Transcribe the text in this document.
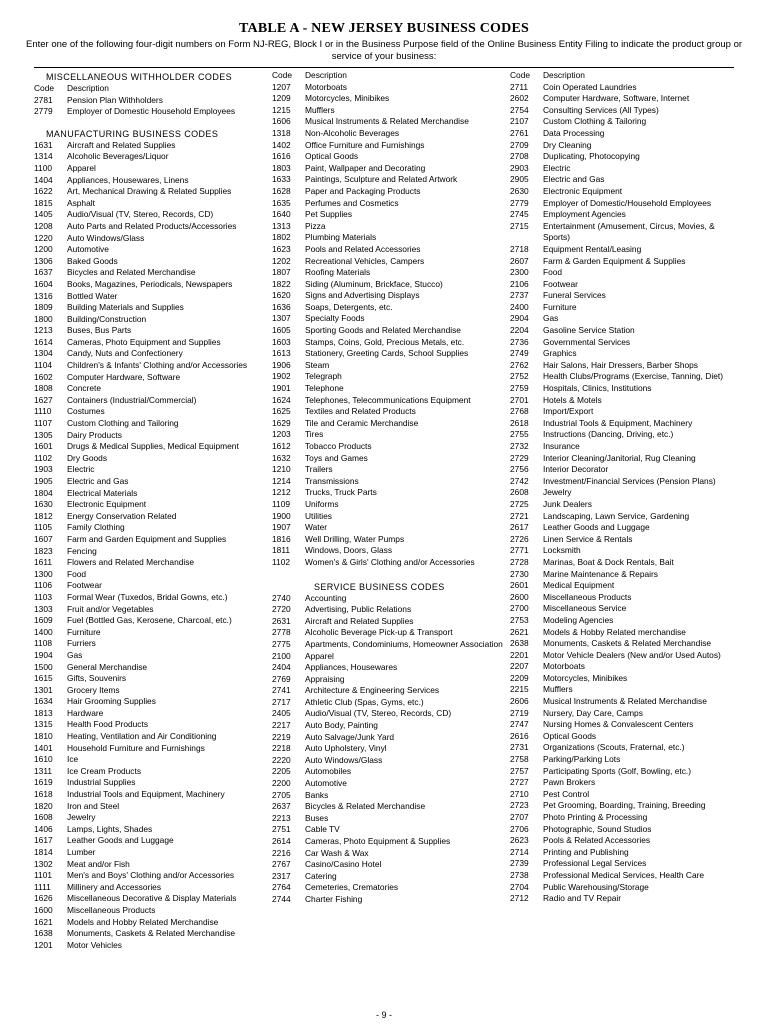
TABLE A - NEW JERSEY BUSINESS CODES
Enter one of the following four-digit numbers on Form NJ-REG, Block I or in the Business Purpose field of the Online Business Entity Filing to indicate the product group or service of your business:
MISCELLANEOUS WITHHOLDER CODES
Code	Description
2781	Pension Plan Withholders
2779	Employer of Domestic Household Employees
MANUFACTURING BUSINESS CODES
1631	Aircraft and Related Supplies
1314	Alcoholic Beverages/Liquor
1100	Apparel
1404	Appliances, Housewares, Linens
1622	Art, Mechanical Drawing & Related Supplies
1815	Asphalt
1405	Audio/Visual (TV, Stereo, Records, CD)
1208	Auto Parts and Related Products/Accessories
1220	Auto Windows/Glass
1200	Automotive
1306	Baked Goods
1637	Bicycles and Related Merchandise
1604	Books, Magazines, Periodicals, Newspapers
1316	Bottled Water
1809	Building Materials and Supplies
1800	Building/Construction
1213	Buses, Bus Parts
1614	Cameras, Photo Equipment and Supplies
1304	Candy, Nuts and Confectionery
1104	Children's & Infants' Clothing and/or Accessories
1602	Computer Hardware, Software
1808	Concrete
1627	Containers (Industrial/Commercial)
1110	Costumes
1107	Custom Clothing and Tailoring
1305	Dairy Products
1601	Drugs & Medical Supplies, Medical Equipment
1102	Dry Goods
1903	Electric
1905	Electric and Gas
1804	Electrical Materials
1630	Electronic Equipment
1812	Energy Conservation Related
1105	Family Clothing
1607	Farm and Garden Equipment and Supplies
1823	Fencing
1611	Flowers and Related Merchandise
1300	Food
1106	Footwear
1103	Formal Wear (Tuxedos, Bridal Gowns, etc.)
1303	Fruit and/or Vegetables
1609	Fuel (Bottled Gas, Kerosene, Charcoal, etc.)
1400	Furniture
1108	Furriers
1904	Gas
1500	General Merchandise
1615	Gifts, Souvenirs
1301	Grocery Items
1634	Hair Grooming Supplies
1813	Hardware
1315	Health Food Products
1810	Heating, Ventilation and Air Conditioning
1401	Household Furniture and Furnishings
1610	Ice
1311	Ice Cream Products
1619	Industrial Supplies
1618	Industrial Tools and Equipment, Machinery
1820	Iron and Steel
1608	Jewelry
1406	Lamps, Lights, Shades
1617	Leather Goods and Luggage
1814	Lumber
1302	Meat and/or Fish
1101	Men's and Boys' Clothing and/or Accessories
1111	Millinery and Accessories
1626	Miscellaneous Decorative & Display Materials
1600	Miscellaneous Products
1621	Models and Hobby Related Merchandise
1638	Monuments, Caskets & Related Merchandise
1201	Motor Vehicles
Code	Description
1207	Motorboats
1209	Motorcycles, Minibikes
1215	Mufflers
1606	Musical Instruments & Related Merchandise
1318	Non-Alcoholic Beverages
1402	Office Furniture and Furnishings
1616	Optical Goods
1803	Paint, Wallpaper and Decorating
1633	Paintings, Sculpture and Related Artwork
1628	Paper and Packaging Products
1635	Perfumes and Cosmetics
1640	Pet Supplies
1313	Pizza
1802	Plumbing Materials
1623	Pools and Related Accessories
1202	Recreational Vehicles, Campers
1807	Roofing Materials
1822	Siding (Aluminum, Brickface, Stucco)
1620	Signs and Advertising Displays
1636	Soaps, Detergents, etc.
1307	Specialty Foods
1605	Sporting Goods and Related Merchandise
1603	Stamps, Coins, Gold, Precious Metals, etc.
1613	Stationery, Greeting Cards, School Supplies
1906	Steam
1902	Telegraph
1901	Telephone
1624	Telephones, Telecommunications Equipment
1625	Textiles and Related Products
1629	Tile and Ceramic Merchandise
1203	Tires
1612	Tobacco Products
1632	Toys and Games
1210	Trailers
1214	Transmissions
1212	Trucks, Truck Parts
1109	Uniforms
1900	Utilities
1907	Water
1816	Well Drilling, Water Pumps
1811	Windows, Doors, Glass
1102	Women's & Girls' Clothing and/or Accessories
SERVICE BUSINESS CODES
2740	Accounting
2720	Advertising, Public Relations
2631	Aircraft and Related Supplies
2778	Alcoholic Beverage Pick-up & Transport
2775	Apartments, Condominiums, Homeowner Association
2100	Apparel
2404	Appliances, Housewares
2769	Appraising
2741	Architecture & Engineering Services
2717	Athletic Club (Spas, Gyms, etc.)
2405	Audio/Visual (TV, Stereo, Records, CD)
2217	Auto Body, Painting
2219	Auto Salvage/Junk Yard
2218	Auto Upholstery, Vinyl
2220	Auto Windows/Glass
2205	Automobiles
2200	Automotive
2705	Banks
2637	Bicycles & Related Merchandise
2213	Buses
2751	Cable TV
2614	Cameras, Photo Equipment & Supplies
2216	Car Wash & Wax
2767	Casino/Casino Hotel
2317	Catering
2764	Cemeteries, Crematories
2744	Charter Fishing
Code	Description
2711	Coin Operated Laundries
2602	Computer Hardware, Software, Internet
2754	Consulting Services (All Types)
2107	Custom Clothing & Tailoring
2761	Data Processing
2709	Dry Cleaning
2708	Duplicating, Photocopying
2903	Electric
2905	Electric and Gas
2630	Electronic Equipment
2779	Employer of Domestic/Household Employees
2745	Employment Agencies
2715	Entertainment (Amusement, Circus, Movies, & Sports)
2718	Equipment Rental/Leasing
2607	Farm & Garden Equipment & Supplies
2300	Food
2106	Footwear
2737	Funeral Services
2400	Furniture
2904	Gas
2204	Gasoline Service Station
2736	Governmental Services
2749	Graphics
2762	Hair Salons, Hair Dressers, Barber Shops
2752	Health Clubs/Programs (Exercise, Tanning, Diet)
2759	Hospitals, Clinics, Institutions
2701	Hotels & Motels
2768	Import/Export
2618	Industrial Tools & Equipment, Machinery
2755	Instructions (Dancing, Driving, etc.)
2732	Insurance
2729	Interior Cleaning/Janitorial, Rug Cleaning
2756	Interior Decorator
2742	Investment/Financial Services (Pension Plans)
2608	Jewelry
2725	Junk Dealers
2721	Landscaping, Lawn Service, Gardening
2617	Leather Goods and Luggage
2726	Linen Service & Rentals
2771	Locksmith
2728	Marinas, Boat & Dock Rentals, Bait
2730	Marine Maintenance & Repairs
2601	Medical Equipment
2600	Miscellaneous Products
2700	Miscellaneous Service
2753	Modeling Agencies
2621	Models & Hobby Related merchandise
2638	Monuments, Caskets & Related Merchandise
2201	Motor Vehicle Dealers (New and/or Used Autos)
2207	Motorboats
2209	Motorcycles, Minibikes
2215	Mufflers
2606	Musical Instruments & Related Merchandise
2719	Nursery, Day Care, Camps
2747	Nursing Homes & Convalescent Centers
2616	Optical Goods
2731	Organizations (Scouts, Fraternal, etc.)
2758	Parking/Parking Lots
2757	Participating Sports (Golf, Bowling, etc.)
2727	Pawn Brokers
2710	Pest Control
2723	Pet Grooming, Boarding, Training, Breeding
2707	Photo Printing & Processing
2706	Photographic, Sound Studios
2623	Pools & Related Accessories
2714	Printing and Publishing
2739	Professional Legal Services
2738	Professional Medical Services, Health Care
2704	Public Warehousing/Storage
2712	Radio and TV Repair
- 9 -
